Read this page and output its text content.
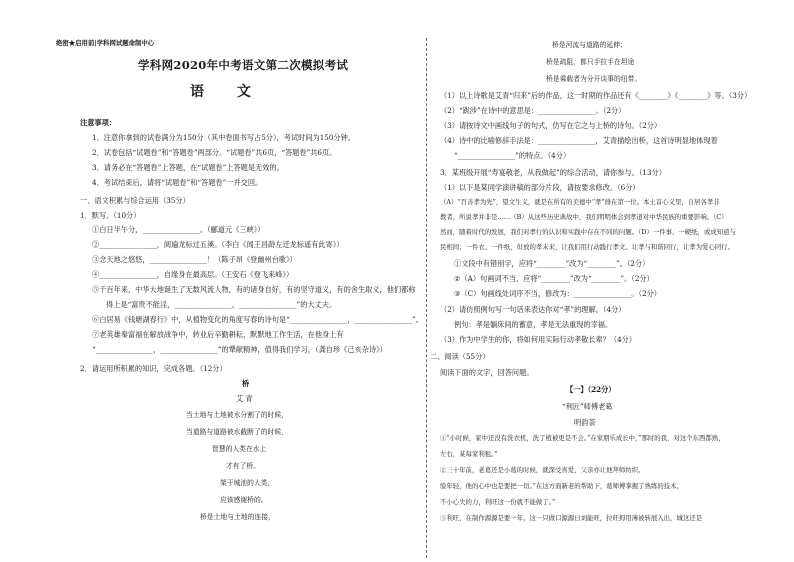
绝密★启用前|学科网试题命制中心
学科网2020年中考语文第二次模拟考试
语 文
注意事项：
1．注意你拿到的试卷满分为150分（其中卷面书写占5分），考试时间为150分钟。
2．试卷包括“试题卷”和“答题卷”两部分。“试题卷”共6页，“答题卷”共6页。
3．请务必在“答题卷”上答题，在“试题卷”上答题是无效的。
4．考试结束后，请将“试题卷”和“答题卷”一并交回。
一、语文积累与综合运用（35分）
1．默写。（10分）
①白日半午分，________________。（郦道元《三峡》）
②________________，阅遍龙标过五溪。（李白《闻王昌龄左迁龙标遥有此寄》）
③念天地之悠悠，________________！（陈子昂《登幽州台歌》）
④________________，自缘身在最高层。（王安石《登飞来峰》）
⑤千百年来，中华大地诞生了无数风流人物，有的诸身自好，有的坚守道义，有的舍生取义，他们都称
得上是“富贵不能淫，________________，________________”的大丈夫。
⑥白居易《钱塘湖春行》中，从植物变化的角度写春的诗句是“________________，________________”。
⑦老英雄秦富福在解放战争中，转业后辛勤耕耘，默默地工作生活，在他身上有
“________________，________________”的犟献精神，值得我们学习。（龚自珍《己亥杂诗》）
2．请运用所积累的知识，完成各题。（12分）
桥
艾 青
当土地与土地被水分割了的时候，
当道路与道路被水截断了的时候，
智慧的人类在水上
才有了桥。
架于城池的人类，
应该感谢桥的。
桥是土地与土地的连接，
桥是河流与道路的延伸；
桥是疏阻，都只手拉手在坦途
桥是乘载者为分开谈事的纽带。
（1）以上诗歌是艾青“归来”后的作品，这一时期的作品还有《________》《________》等。（3分）
（2）“跋涉”在诗中的意思是：________________。（2分）
（3）请按诗文中画线句子的句式，仿写在它之与上桥的诗句。（2分）
（4）诗中的比喻修辞手法是：________________，艾青描绘出桥，这首诗明显地体现着
“________________”的特点。（4分）
3．某班级开展“寿宴敬老，从我做起”的综合活动，请你参与。（13分）
（1）以下是某同学演讲稿的部分片段，请按要求修改。（6分）
（A）“百善孝为先”，望文生义，就是在所有的美德中“孝”排在第一位。本土首心义里，自居各孝非
教者，所说孝并非是……（B）从这些历史典故中，我们明明体会到孝道对中华民族的重要影响。（C）
然而，随着时代的发展，我们对孝行的认识和实践中存在不同的问题。（D）一件事、一硬纸，或成知道与
民相间；一件衣、一件纸，但放的孝未来，让我们用行动践行孝文。让孝与和谐同行，让孝为爱心同行。
①文段中有错别字，应将“________”改为“________”。（2分）
②（A）句画词不当，应将“________”改为“________”。（2分）
③（C）句画线处词序不当，修改为：________________。（2分）
（2）请仿照例句写一句话来表达你对“孝”的理解。（4分）
例句：孝是躺床间的蓄意，孝是无法重现的幸福。
（3）作为中学生的你，将如何用实际行动孝敬长辈？（4分）
二、阅读（55分）
阅读下面的文字，回答问题。
【一】（22分）
“利匠”师傅老葛
明韵荼
①“小时候，家中还没有洗衣机，洗了植被更是不会。”在家朋乐成长中，”那时的我，对这个东西都熟，
左右，某每家利租。”
②三十年前，老葛还是小葛的时候，就深受喜爱，父亲亦让他拜师纺织。
验年轻，他的心中也是要把一切。”在这方面新老的帮助下，葛师傅掌握了熟练的技术。
不小心失的力，利旺这一份就不能做了。”
③利旺，在制作源源是要一年。这一只做口源源日刘能旺，拉旺拇用薄被转展入出，城这还是
